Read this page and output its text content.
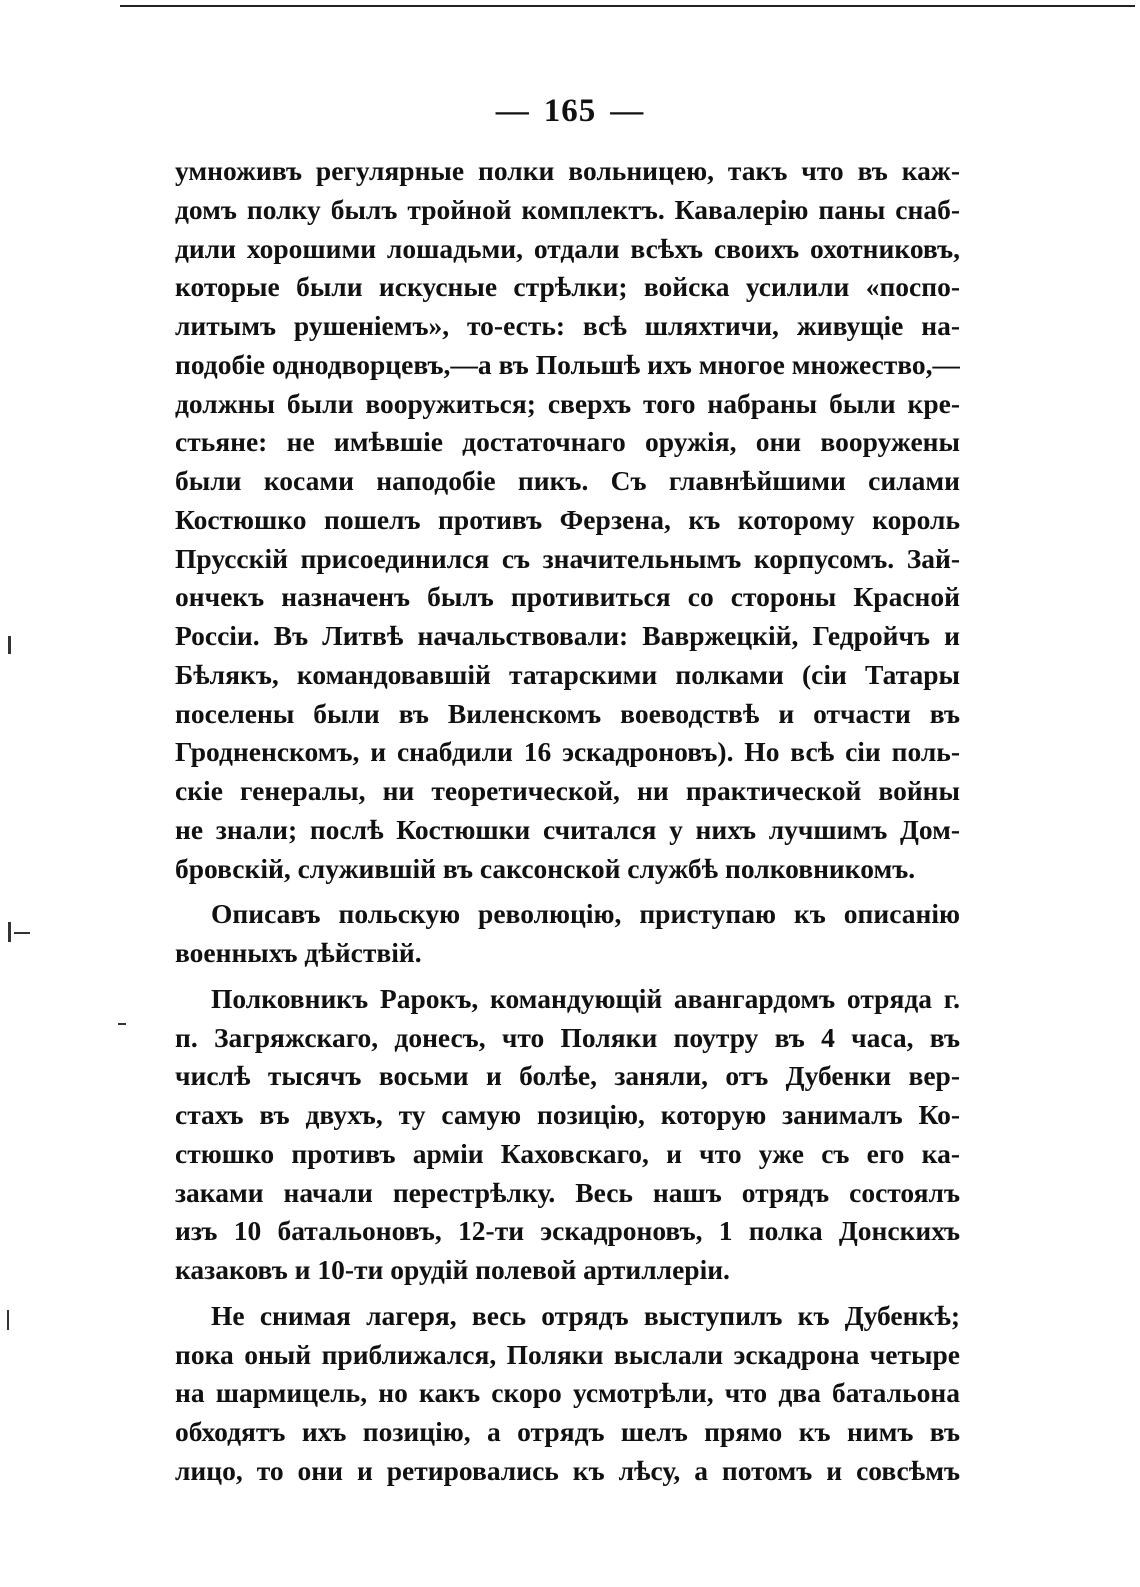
— 165 —
умноживъ регулярные полки вольницею, такъ что въ каж-
домъ полку былъ тройной комплектъ. Кавалерію паны снаб-
дили хорошими лошадьми, отдали всѣхъ своихъ охотниковъ,
которые были искусные стрѣлки; войска усилили «поспо-
литымъ рушеніемъ», то-есть: всѣ шляхтичи, живущіе на-
подобіе однодворцевъ,—а въ Польшѣ ихъ многое множество,—
должны были вооружиться; сверхъ того набраны были кре-
стьяне: не имѣвшіе достаточнаго оружія, они вооружены
были косами наподобіе пикъ. Съ главнѣйшими силами
Костюшко пошелъ противъ Ферзена, къ которому король
Прусскій присоединился съ значительнымъ корпусомъ. Зай-
ончекъ назначенъ былъ противиться со стороны Красной
Россіи. Въ Литвѣ начальствовали: Вавржецкій, Гедройчъ и
Бѣлякъ, командовавшій татарскими полками (сіи Татары
поселены были въ Виленскомъ воеводствѣ и отчасти въ
Гродненскомъ, и снабдили 16 эскадроновъ). Но всѣ сіи поль-
скіе генералы, ни теоретической, ни практической войны
не знали; послѣ Костюшки считался у нихъ лучшимъ Дом-
бровскій, служившій въ саксонской службѣ полковникомъ.
Описавъ польскую революцію, приступаю къ описанію
военныхъ дѣйствій.
Полковникъ Рарокъ, командующій авангардомъ отряда г.
п. Загряжскаго, донесъ, что Поляки поутру въ 4 часа, въ
числѣ тысячъ восьми и болѣе, заняли, отъ Дубенки вер-
стахъ въ двухъ, ту самую позицію, которую занималъ Ко-
стюшко противъ арміи Каховскаго, и что уже съ его ка-
заками начали перестрѣлку. Весь нашъ отрядъ состоялъ
изъ 10 батальоновъ, 12-ти эскадроновъ, 1 полка Донскихъ
казаковъ и 10-ти орудій полевой артиллеріи.
Не снимая лагеря, весь отрядъ выступилъ къ Дубенкѣ;
пока оный приближался, Поляки выслали эскадрона четыре
на шармицель, но какъ скоро усмотрѣли, что два батальона
обходятъ ихъ позицію, а отрядъ шелъ прямо къ нимъ въ
лицо, то они и ретировались къ лѣсу, а потомъ и совсѣмъ
